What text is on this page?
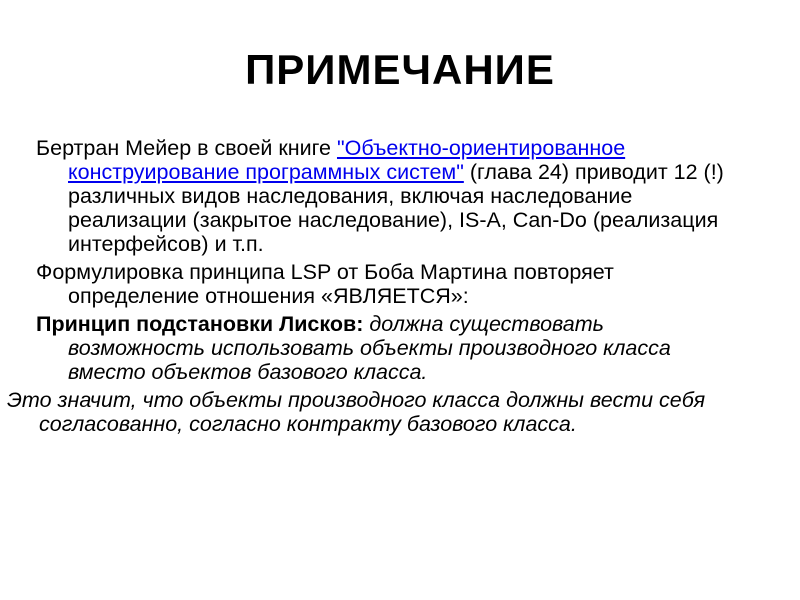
ПРИМЕЧАНИЕ

Бертран Мейер в своей книге "Объектно-ориентированное конструирование программных систем" (глава 24) приводит 12 (!) различных видов наследования, включая наследование реализации (закрытое наследование), IS-A, Can-Do (реализация интерфейсов) и т.п.

Формулировка принципа LSP от Боба Мартина повторяет определение отношения «ЯВЛЯЕТСЯ»:

Принцип подстановки Лисков: должна существовать возможность использовать объекты производного класса вместо объектов базового класса.

Это значит, что объекты производного класса должны вести себя согласованно, согласно контракту базового класса.
